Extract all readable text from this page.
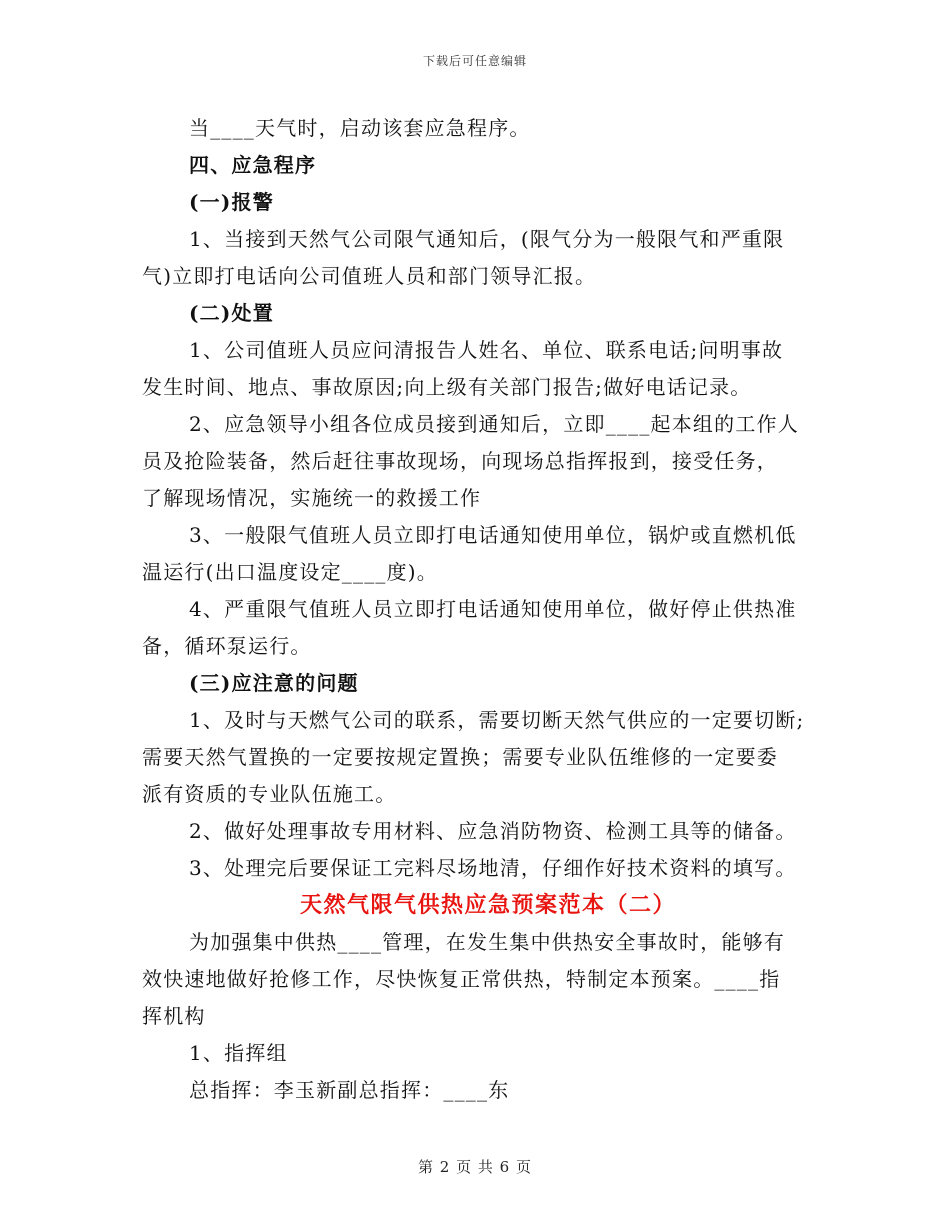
下载后可任意编辑
当____天气时，启动该套应急程序。
四、应急程序
(一)报警
1、当接到天然气公司限气通知后，(限气分为一般限气和严重限
气)立即打电话向公司值班人员和部门领导汇报。
(二)处置
1、公司值班人员应问清报告人姓名、单位、联系电话;问明事故
发生时间、地点、事故原因;向上级有关部门报告;做好电话记录。
2、应急领导小组各位成员接到通知后，立即____起本组的工作人
员及抢险装备，然后赶往事故现场，向现场总指挥报到，接受任务，
了解现场情况，实施统一的救援工作
3、一般限气值班人员立即打电话通知使用单位，锅炉或直燃机低
温运行(出口温度设定____度)。
4、严重限气值班人员立即打电话通知使用单位，做好停止供热准
备，循环泵运行。
(三)应注意的问题
1、及时与天燃气公司的联系，需要切断天然气供应的一定要切断;
需要天然气置换的一定要按规定置换；需要专业队伍维修的一定要委
派有资质的专业队伍施工。
2、做好处理事故专用材料、应急消防物资、检测工具等的储备。
3、处理完后要保证工完料尽场地清，仔细作好技术资料的填写。
天然气限气供热应急预案范本（二）
为加强集中供热____管理，在发生集中供热安全事故时，能够有
效快速地做好抢修工作，尽快恢复正常供热，特制定本预案。____指
挥机构
1、指挥组
总指挥：李玉新副总指挥：____东
第 2 页 共 6 页
